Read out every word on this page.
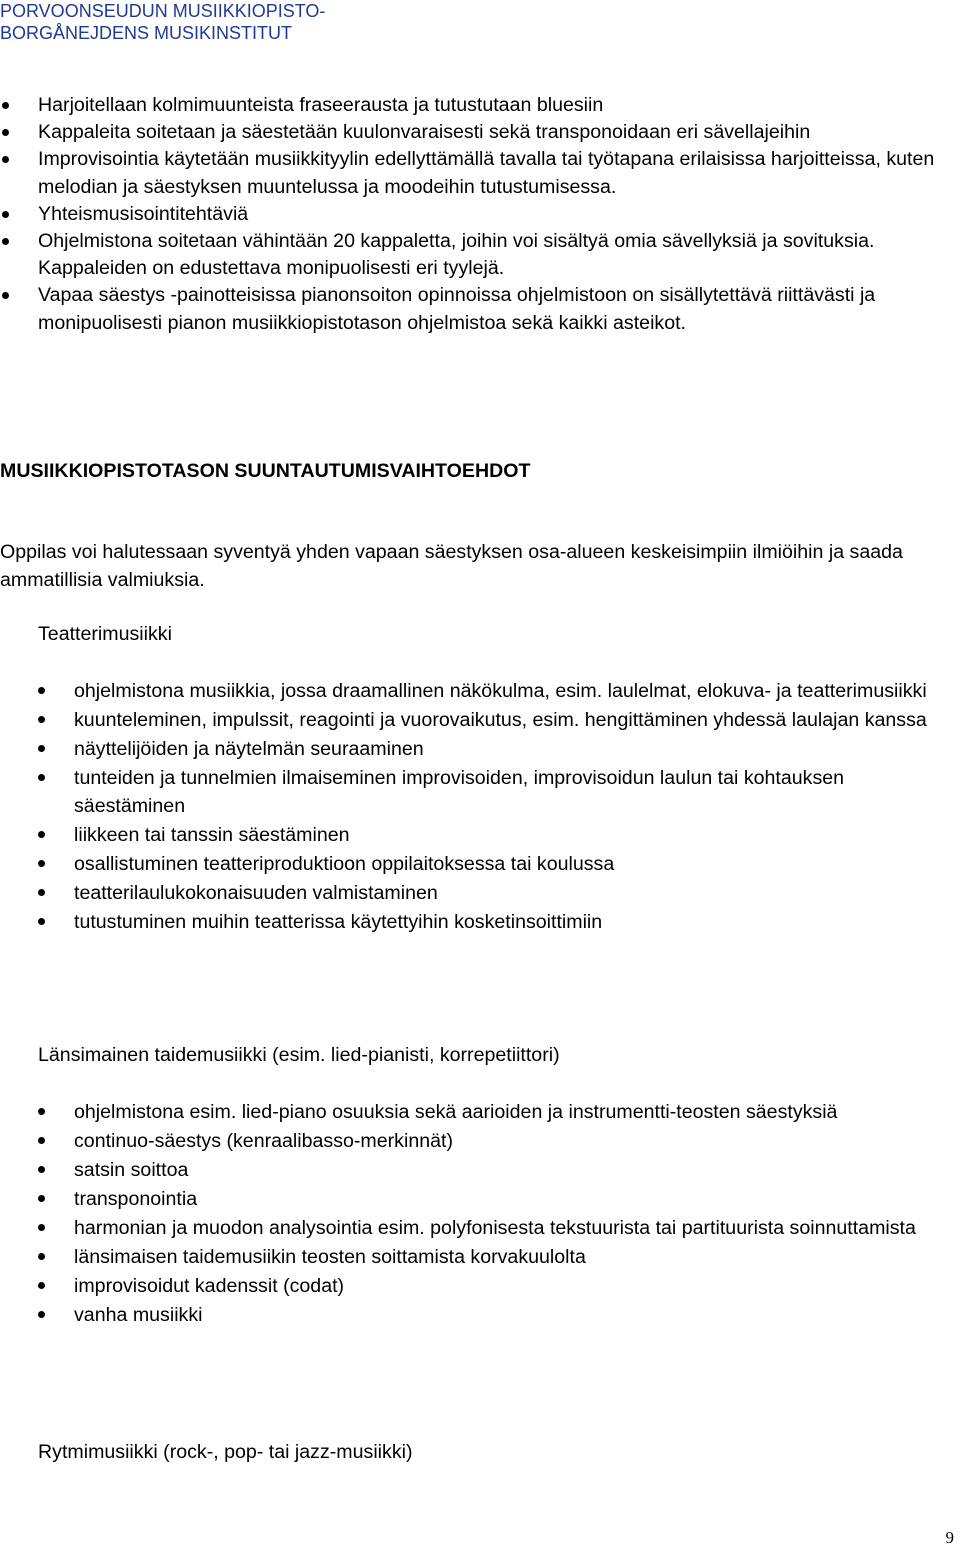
PORVOONSEUDUN MUSIIKKIOPISTO-
BORGÅNEJDENS MUSIKINSTITUT
Harjoitellaan kolmimuunteista fraseerausta ja tutustutaan bluesiin
Kappaleita soitetaan ja säestetään kuulonvaraisesti sekä transponoidaan eri sävellajeihin
Improvisointia käytetään musiikkityylin edellyttämällä tavalla tai työtapana erilaisissa harjoitteissa, kuten melodian ja säestyksen muuntelussa ja moodeihin tutustumisessa.
Yhteismusisointitehtäviä
Ohjelmistona soitetaan vähintään 20 kappaletta, joihin voi sisältyä omia sävellyksiä ja sovituksia. Kappaleiden on edustettava monipuolisesti eri tyylejä.
Vapaa säestys -painotteisissa pianonsoiton opinnoissa ohjelmistoon on sisällytettävä riittävästi ja monipuolisesti pianon musiikkiopistotason ohjelmistoa sekä kaikki asteikot.
MUSIIKKIOPISTOTASON SUUNTAUTUMISVAIHTOEHDOT
Oppilas voi halutessaan syventyä yhden vapaan säestyksen osa-alueen keskeisimpiin ilmiöihin ja saada ammatillisia valmiuksia.
Teatterimusiikki
ohjelmistona musiikkia, jossa draamallinen näkökulma, esim. laulelmat, elokuva- ja teatterimusiikki
kuunteleminen, impulssit, reagointi ja vuorovaikutus, esim. hengittäminen yhdessä laulajan kanssa
näyttelijöiden ja näytelmän seuraaminen
tunteiden ja tunnelmien ilmaiseminen improvisoiden, improvisoidun laulun tai kohtauksen säestäminen
liikkeen tai tanssin säestäminen
osallistuminen teatteriproduktioon oppilaitoksessa tai koulussa
teatterilaulukokonaisuuden valmistaminen
tutustuminen muihin teatterissa käytettyihin kosketinsoittimiin
Länsimainen taidemusiikki (esim. lied-pianisti, korrepetiittori)
ohjelmistona esim. lied-piano osuuksia sekä aarioiden ja instrumentti-teosten säestyksiä
continuo-säestys (kenraalibasso-merkinnät)
satsin soittoa
transponointia
harmonian ja muodon analysointia esim. polyfonisesta tekstuurista tai partituurista soinnuttamista
länsimaisen taidemusiikin teosten soittamista korvakuulolta
improvisoidut kadenssit (codat)
vanha musiikki
Rytmimusiikki (rock-, pop- tai jazz-musiikki)
9
